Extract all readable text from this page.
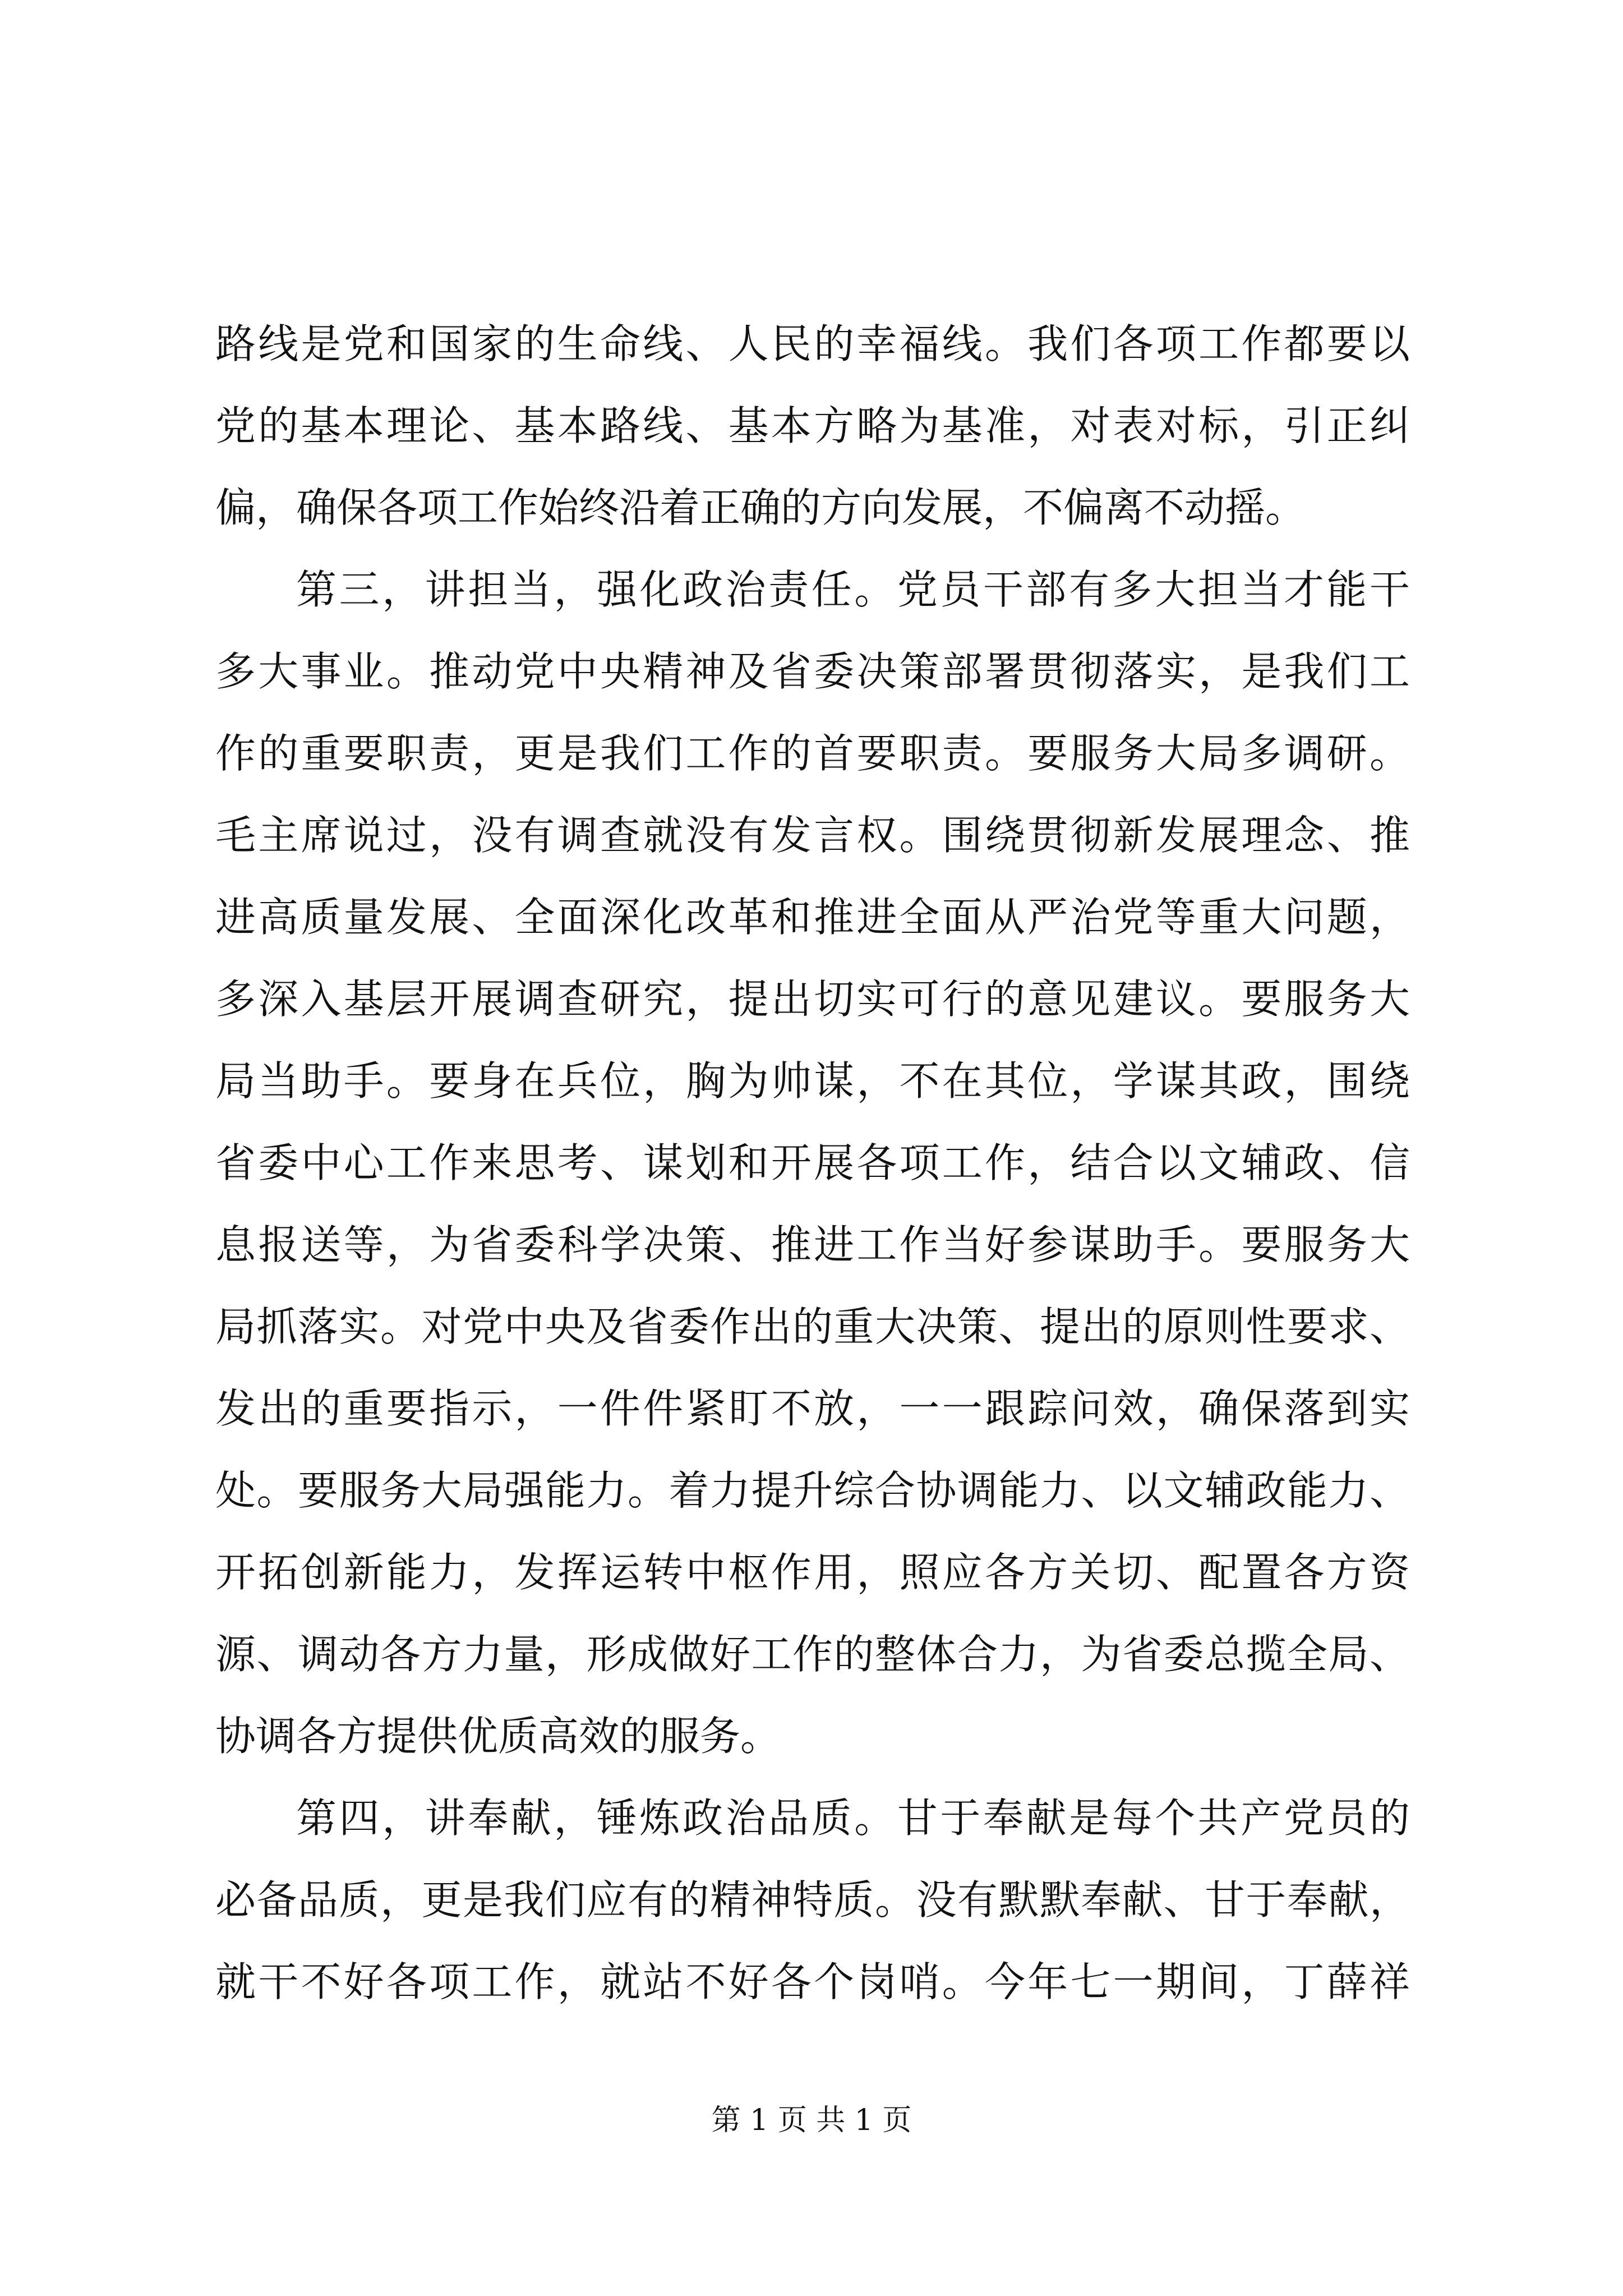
路线是党和国家的生命线、人民的幸福线。我们各项工作都要以
党的基本理论、基本路线、基本方略为基准，对表对标，引正纠
偏，确保各项工作始终沿着正确的方向发展，不偏离不动摇。
第三，讲担当，强化政治责任。党员干部有多大担当才能干
多大事业。推动党中央精神及省委决策部署贯彻落实，是我们工
作的重要职责，更是我们工作的首要职责。要服务大局多调研。
毛主席说过，没有调查就没有发言权。围绕贯彻新发展理念、推
进高质量发展、全面深化改革和推进全面从严治党等重大问题，
多深入基层开展调查研究，提出切实可行的意见建议。要服务大
局当助手。要身在兵位，胸为帅谋，不在其位，学谋其政，围绕
省委中心工作来思考、谋划和开展各项工作，结合以文辅政、信
息报送等，为省委科学决策、推进工作当好参谋助手。要服务大
局抓落实。对党中央及省委作出的重大决策、提出的原则性要求、
发出的重要指示，一件件紧盯不放，一一跟踪问效，确保落到实
处。要服务大局强能力。着力提升综合协调能力、以文辅政能力、
开拓创新能力，发挥运转中枢作用，照应各方关切、配置各方资
源、调动各方力量，形成做好工作的整体合力，为省委总揽全局、
协调各方提供优质高效的服务。
第四，讲奉献，锤炼政治品质。甘于奉献是每个共产党员的
必备品质，更是我们应有的精神特质。没有默默奉献、甘于奉献，
就干不好各项工作，就站不好各个岗哨。今年七一期间，丁薛祥
第 1 页 共 1 页
